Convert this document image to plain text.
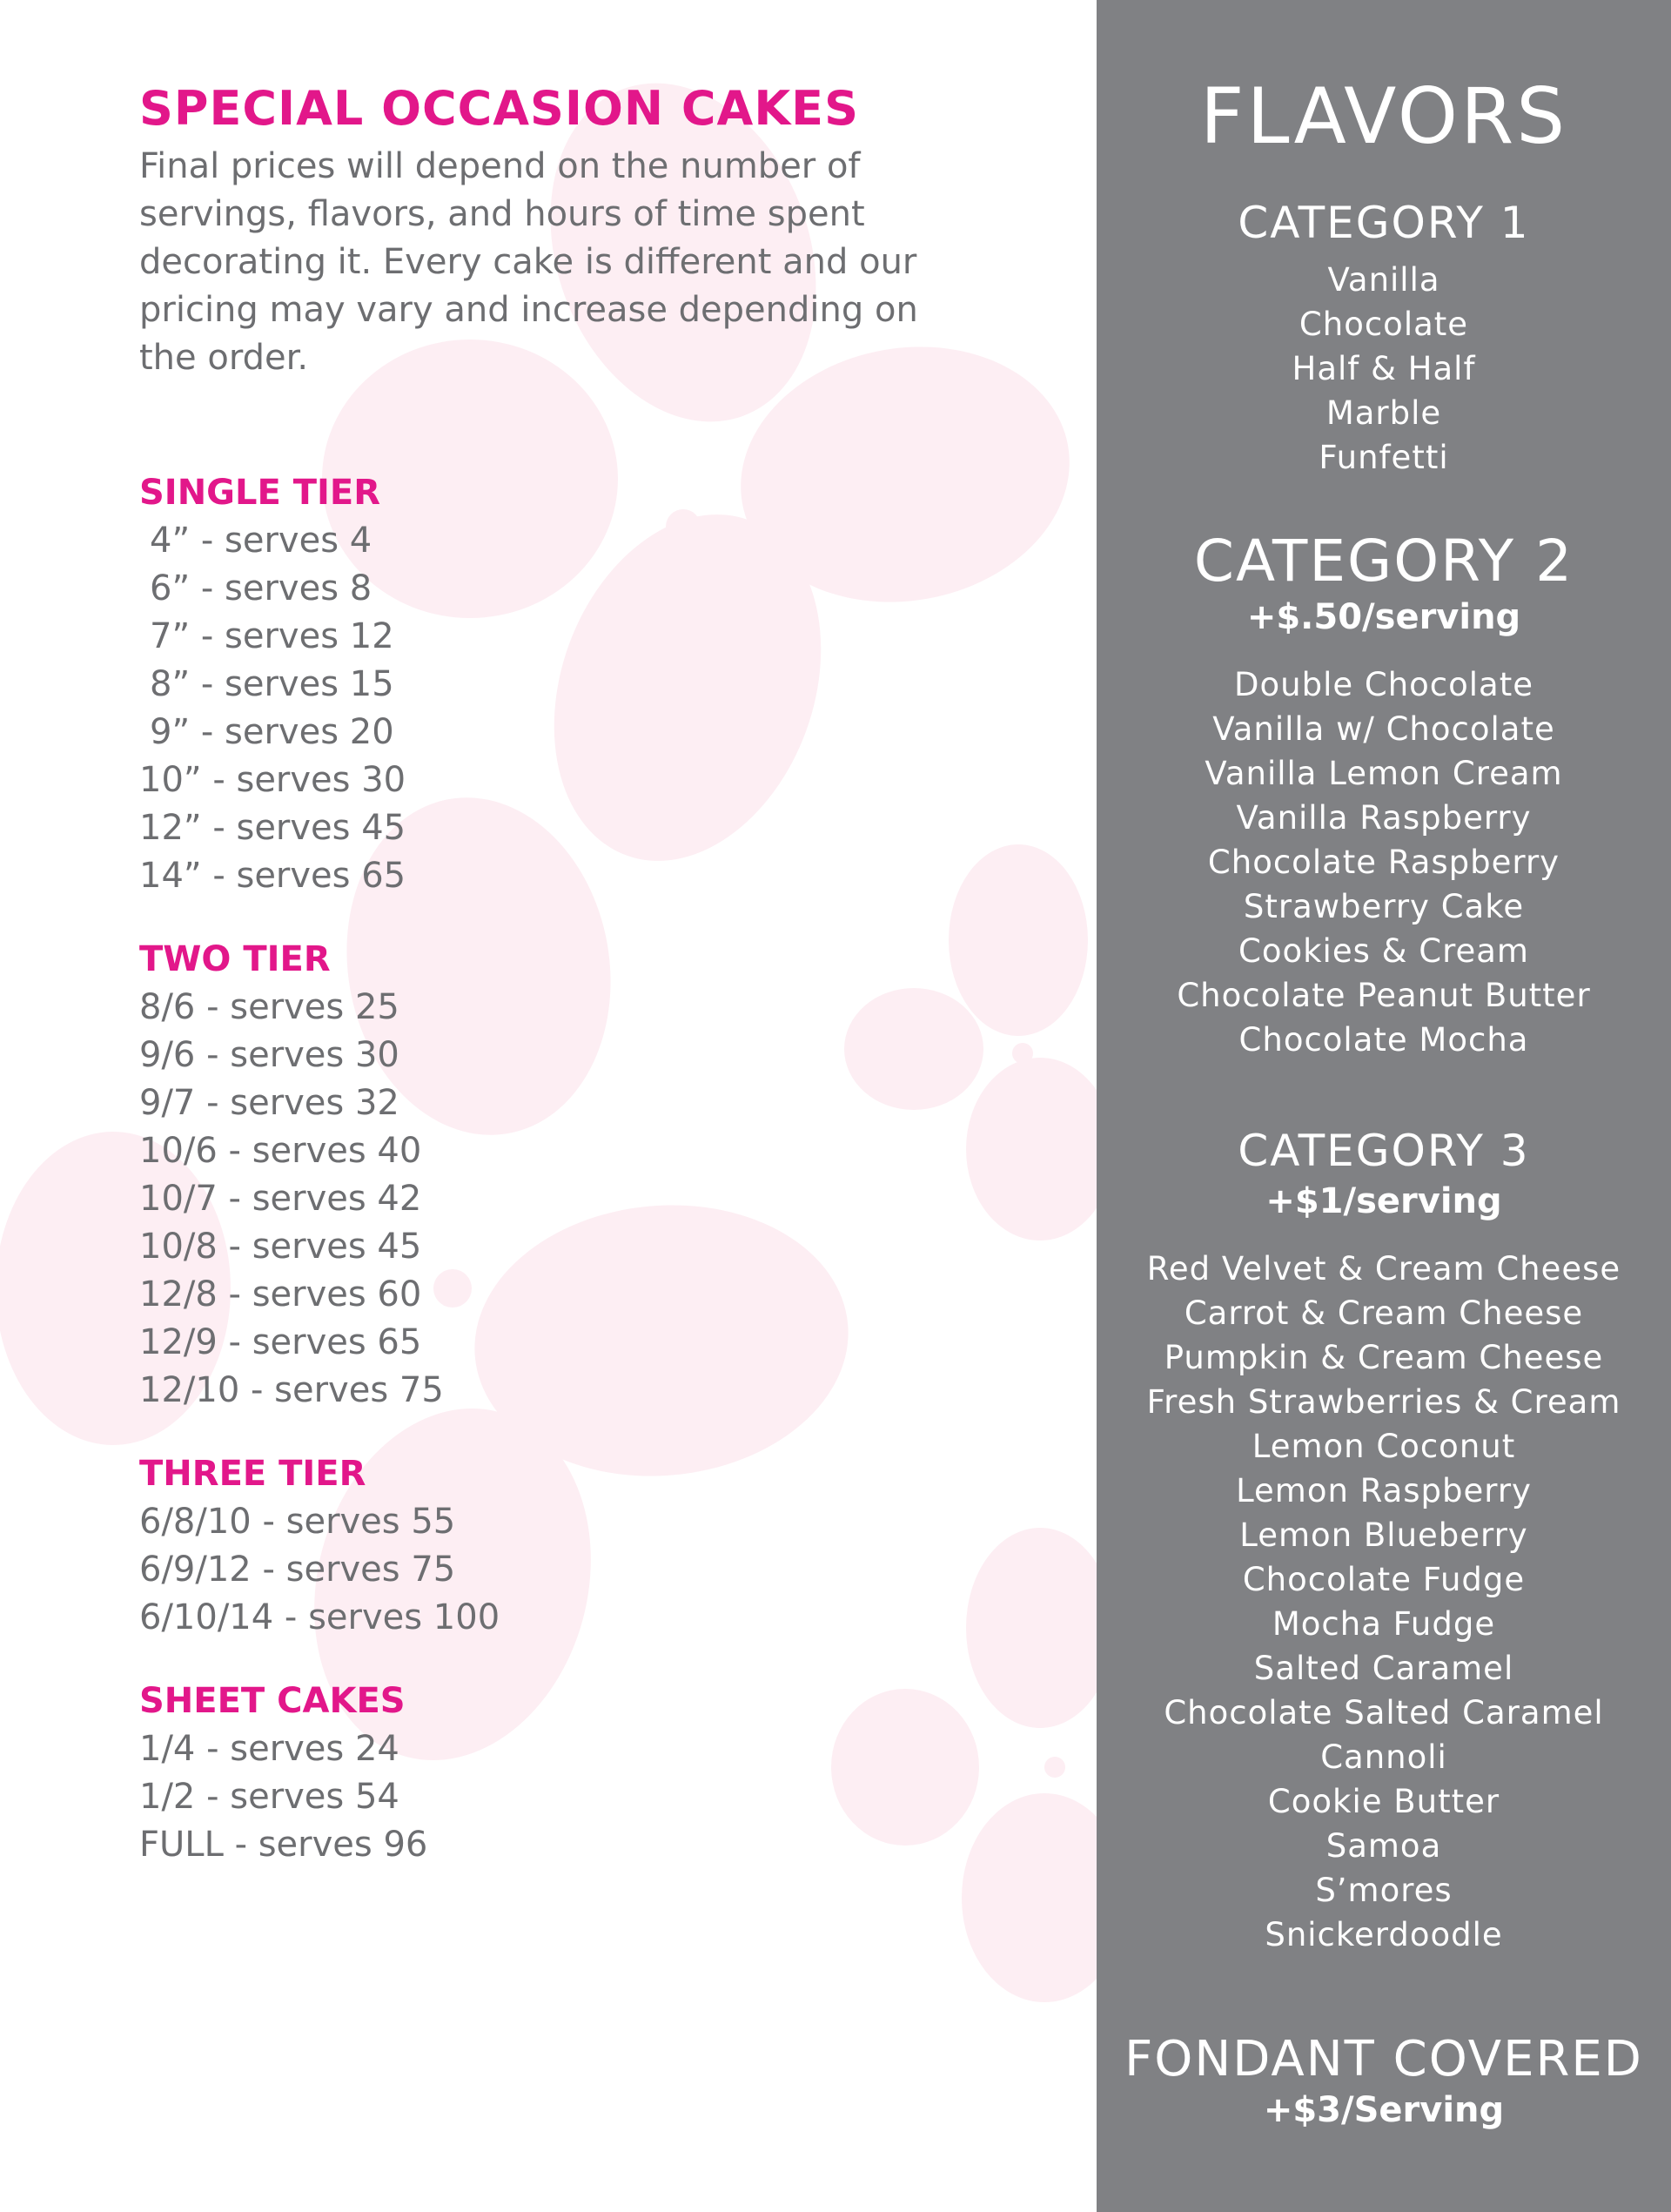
SPECIAL OCCASION CAKES

Final prices will depend on the number of servings, flavors, and hours of time spent decorating it. Every cake is different and our pricing may vary and increase depending on the order.

SINGLE TIER
4” - serves 4
6” - serves 8
7” - serves 12
8” - serves 15
9” - serves 20
10” - serves 30
12” - serves 45
14” - serves 65
TWO TIER
8/6 - serves 25
9/6 - serves 30
9/7 - serves 32
10/6 - serves 40
10/7 - serves 42
10/8 - serves 45
12/8 - serves 60
12/9 - serves 65
12/10 - serves 75
THREE TIER
6/8/10 - serves 55
6/9/12 - serves 75
6/10/14 - serves 100
SHEET CAKES
1/4 - serves 24
1/2 - serves 54
FULL - serves 96
FLAVORS
CATEGORY 1
Vanilla
Chocolate
Half & Half
Marble
Funfetti
CATEGORY 2

+$.50/serving

Double Chocolate
Vanilla w/ Chocolate
Vanilla Lemon Cream
Vanilla Raspberry
Chocolate Raspberry
Strawberry Cake
Cookies & Cream
Chocolate Peanut Butter
Chocolate Mocha
CATEGORY 3

+$1/serving

Red Velvet & Cream Cheese
Carrot & Cream Cheese
Pumpkin & Cream Cheese
Fresh Strawberries & Cream
Lemon Coconut
Lemon Raspberry
Lemon Blueberry
Chocolate Fudge
Mocha Fudge
Salted Caramel
Chocolate Salted Caramel
Cannoli
Cookie Butter
Samoa
S’mores
Snickerdoodle
FONDANT COVERED

+$3/Serving
